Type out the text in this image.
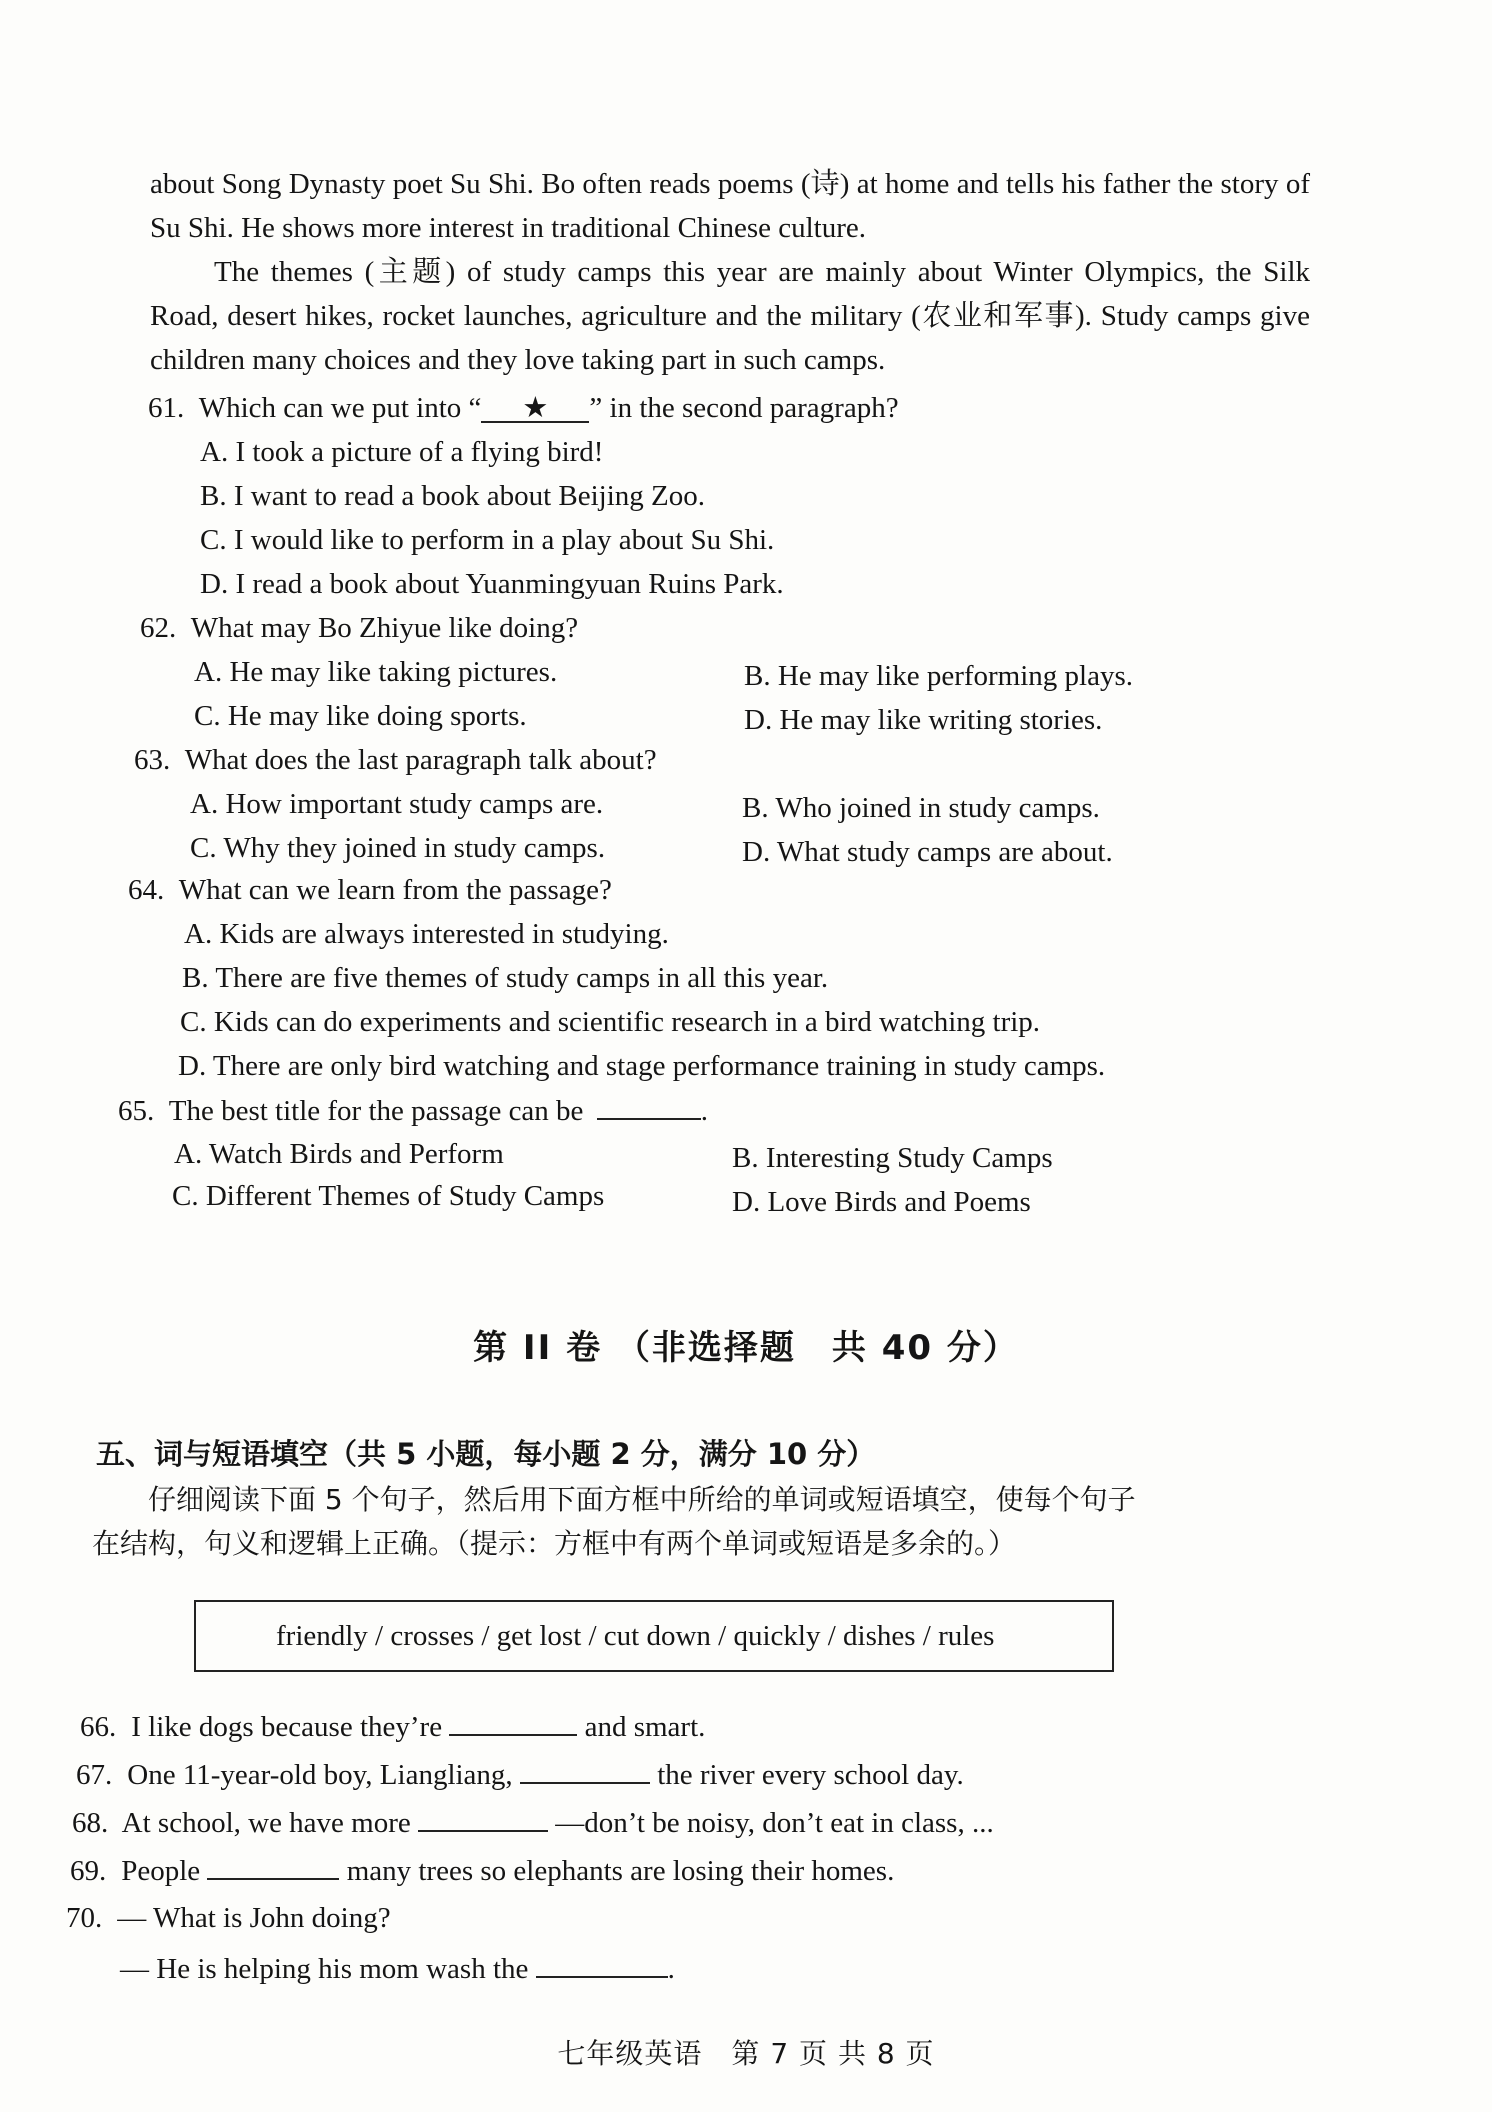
about Song Dynasty poet Su Shi. Bo often reads poems (诗) at home and tells his father the story of Su Shi. He shows more interest in traditional Chinese culture.
The themes (主题) of study camps this year are mainly about Winter Olympics, the Silk Road, desert hikes, rocket launches, agriculture and the military (农业和军事). Study camps give children many choices and they love taking part in such camps.
61. Which can we put into “ ★ ” in the second paragraph?
A. I took a picture of a flying bird!
B. I want to read a book about Beijing Zoo.
C. I would like to perform in a play about Su Shi.
D. I read a book about Yuanmingyuan Ruins Park.
62. What may Bo Zhiyue like doing?
A. He may like taking pictures.	B. He may like performing plays.
C. He may like doing sports.	D. He may like writing stories.
63. What does the last paragraph talk about?
A. How important study camps are.	B. Who joined in study camps.
C. Why they joined in study camps.	D. What study camps are about.
64. What can we learn from the passage?
A. Kids are always interested in studying.
B. There are five themes of study camps in all this year.
C. Kids can do experiments and scientific research in a bird watching trip.
D. There are only bird watching and stage performance training in study camps.
65. The best title for the passage can be	.
A. Watch Birds and Perform	B. Interesting Study Camps
C. Different Themes of Study Camps	D. Love Birds and Poems
第 II 卷 （非选择题　共 40 分）
五、词与短语填空（共 5 小题，每小题 2 分，满分 10 分）
仔细阅读下面 5 个句子，然后用下面方框中所给的单词或短语填空，使每个句子
在结构，句义和逻辑上正确。（提示：方框中有两个单词或短语是多余的。）
friendly / crosses / get lost / cut down / quickly / dishes / rules
66. I like dogs because they’re	and smart.
67. One 11-year-old boy, Liangliang,	the river every school day.
68. At school, we have more	—don’t be noisy, don’t eat in class, ...
69. People	many trees so elephants are losing their homes.
70. — What is John doing?
— He is helping his mom wash the	.
七年级英语　第 7 页 共 8 页
